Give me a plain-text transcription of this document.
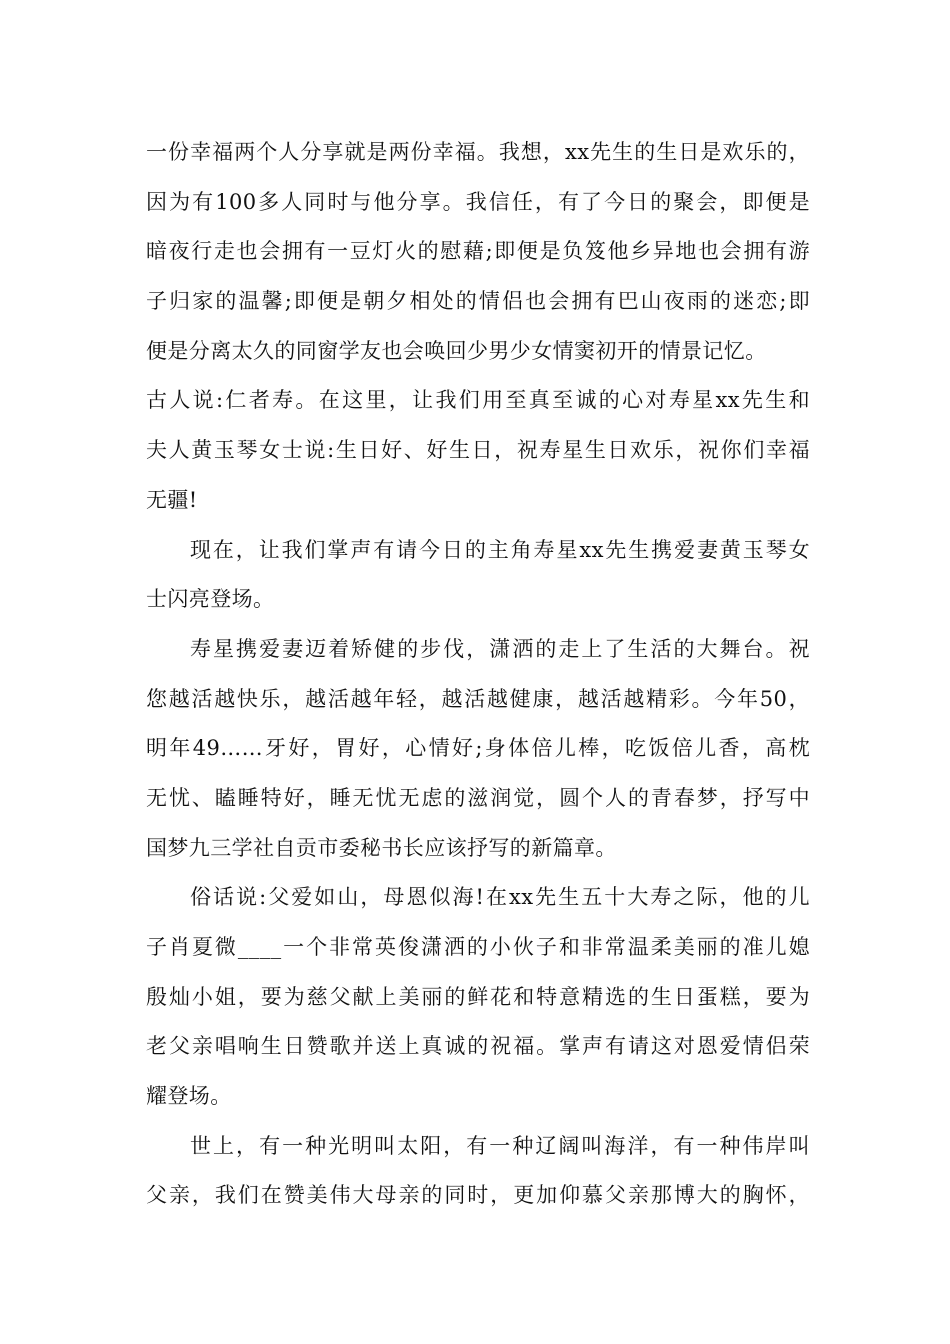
一份幸福两个人分享就是两份幸福。我想，xx先生的生日是欢乐的，
因为有100多人同时与他分享。我信任，有了今日的聚会，即便是
暗夜行走也会拥有一豆灯火的慰藉;即便是负笈他乡异地也会拥有游
子归家的温馨;即便是朝夕相处的情侣也会拥有巴山夜雨的迷恋;即
便是分离太久的同窗学友也会唤回少男少女情窦初开的情景记忆。
古人说:仁者寿。在这里，让我们用至真至诚的心对寿星xx先生和
夫人黄玉琴女士说:生日好、好生日，祝寿星生日欢乐，祝你们幸福
无疆!
现在，让我们掌声有请今日的主角寿星xx先生携爱妻黄玉琴女
士闪亮登场。
寿星携爱妻迈着矫健的步伐，潇洒的走上了生活的大舞台。祝
您越活越快乐，越活越年轻，越活越健康，越活越精彩。今年50，
明年49……牙好，胃好，心情好;身体倍儿棒，吃饭倍儿香，高枕
无忧、瞌睡特好，睡无忧无虑的滋润觉，圆个人的青春梦，抒写中
国梦九三学社自贡市委秘书长应该抒写的新篇章。
俗话说:父爱如山，母恩似海!在xx先生五十大寿之际，他的儿
子肖夏微____一个非常英俊潇洒的小伙子和非常温柔美丽的准儿媳
殷灿小姐，要为慈父献上美丽的鲜花和特意精选的生日蛋糕，要为
老父亲唱响生日赞歌并送上真诚的祝福。掌声有请这对恩爱情侣荣
耀登场。
世上，有一种光明叫太阳，有一种辽阔叫海洋，有一种伟岸叫
父亲，我们在赞美伟大母亲的同时，更加仰慕父亲那博大的胸怀，
